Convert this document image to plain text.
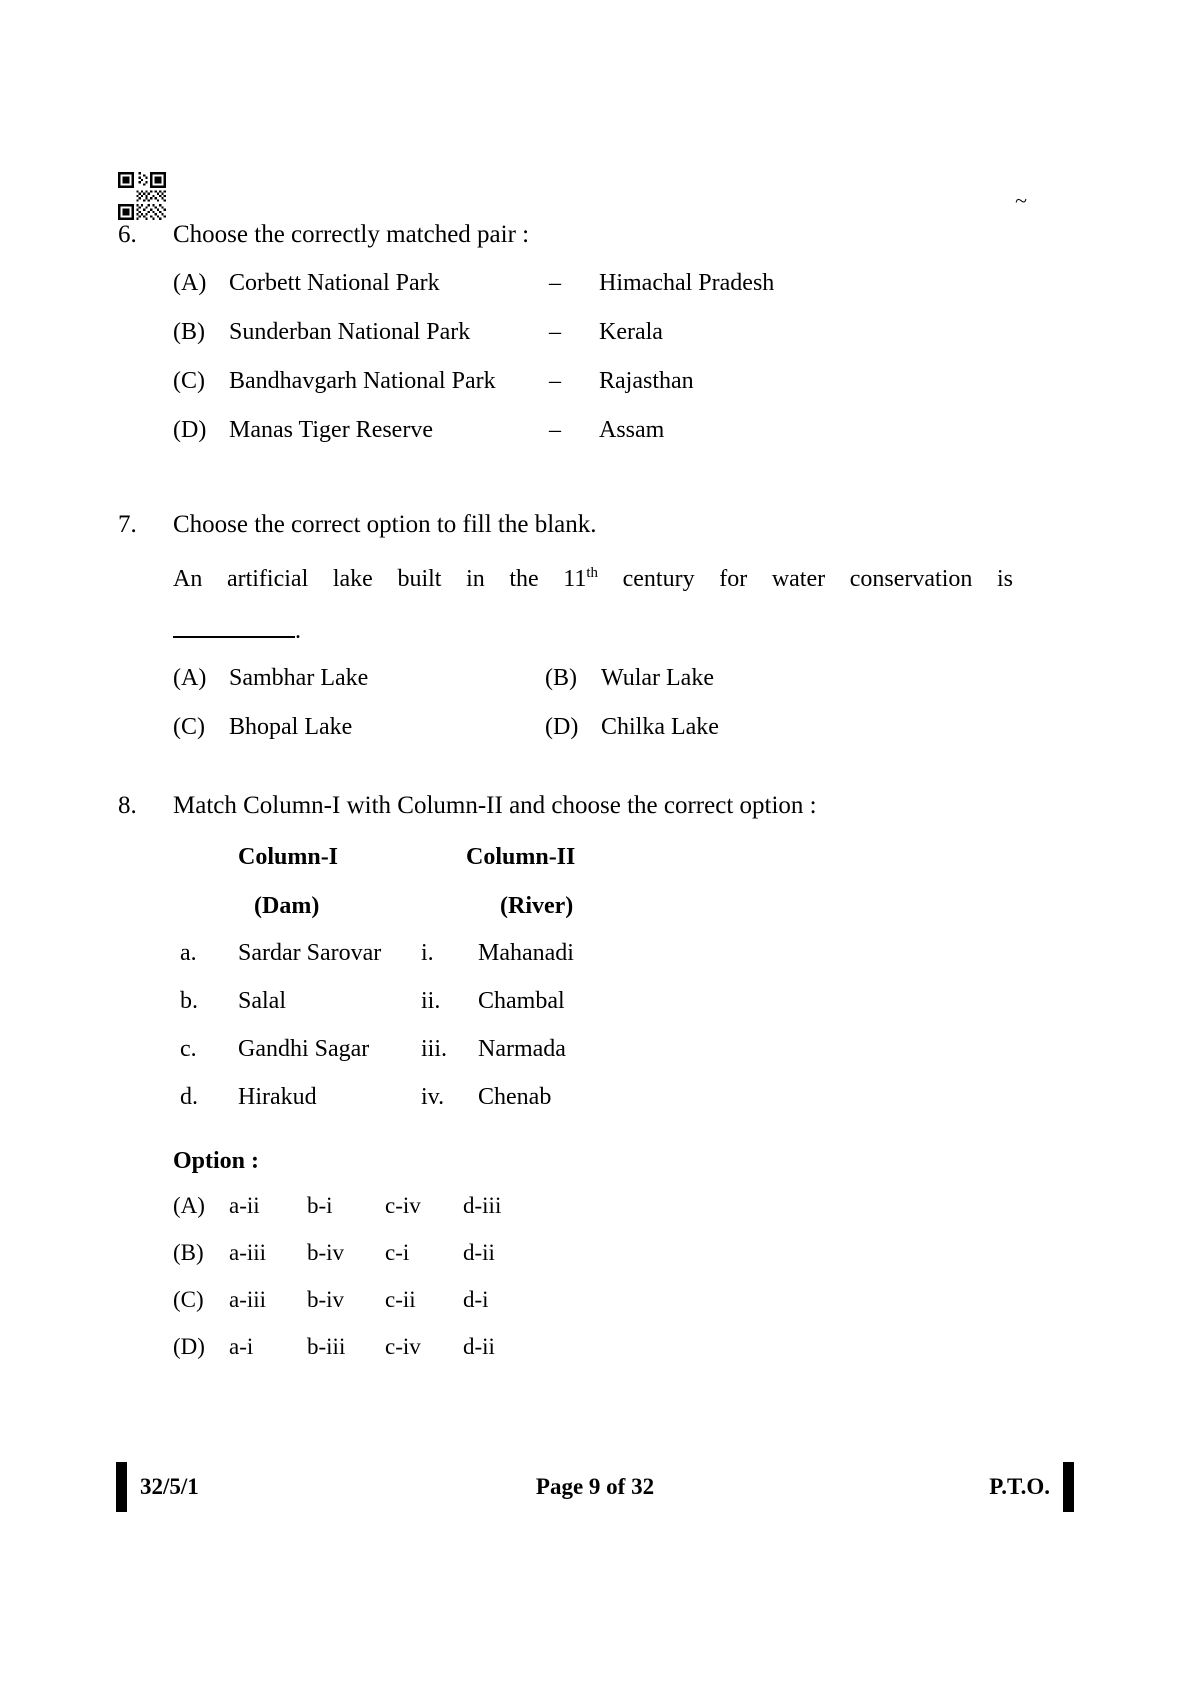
~
6.	Choose the correctly matched pair :
(A) Corbett National Park	–	Himachal Pradesh
(B)	Sunderban National Park	–	Kerala
(C)	Bandhavgarh National Park	–	Rajasthan
(D) Manas Tiger Reserve	–	Assam
7.	Choose the correct option to fill the blank.
An artificial lake built in the 11th century for water conservation is
.
(A) Sambhar Lake	(B)	Wular Lake
(C)	Bhopal Lake	(D) Chilka Lake
8.	Match Column-I with Column-II and choose the correct option :
Column-I	Column-II
(Dam)	(River)
a.	Sardar Sarovar	i.	Mahanadi
b.	Salal	ii.	Chambal
c.	Gandhi Sagar	iii.	Narmada
d.	Hirakud	iv.	Chenab
Option :
(A)	a-ii	b-i	c-iv	d-iii
(B)	a-iii	b-iv	c-i	d-ii
(C)	a-iii	b-iv	c-ii	d-i
(D)	a-i	b-iii	c-iv	d-ii
32/5/1	Page 9 of 32	P.T.O.
